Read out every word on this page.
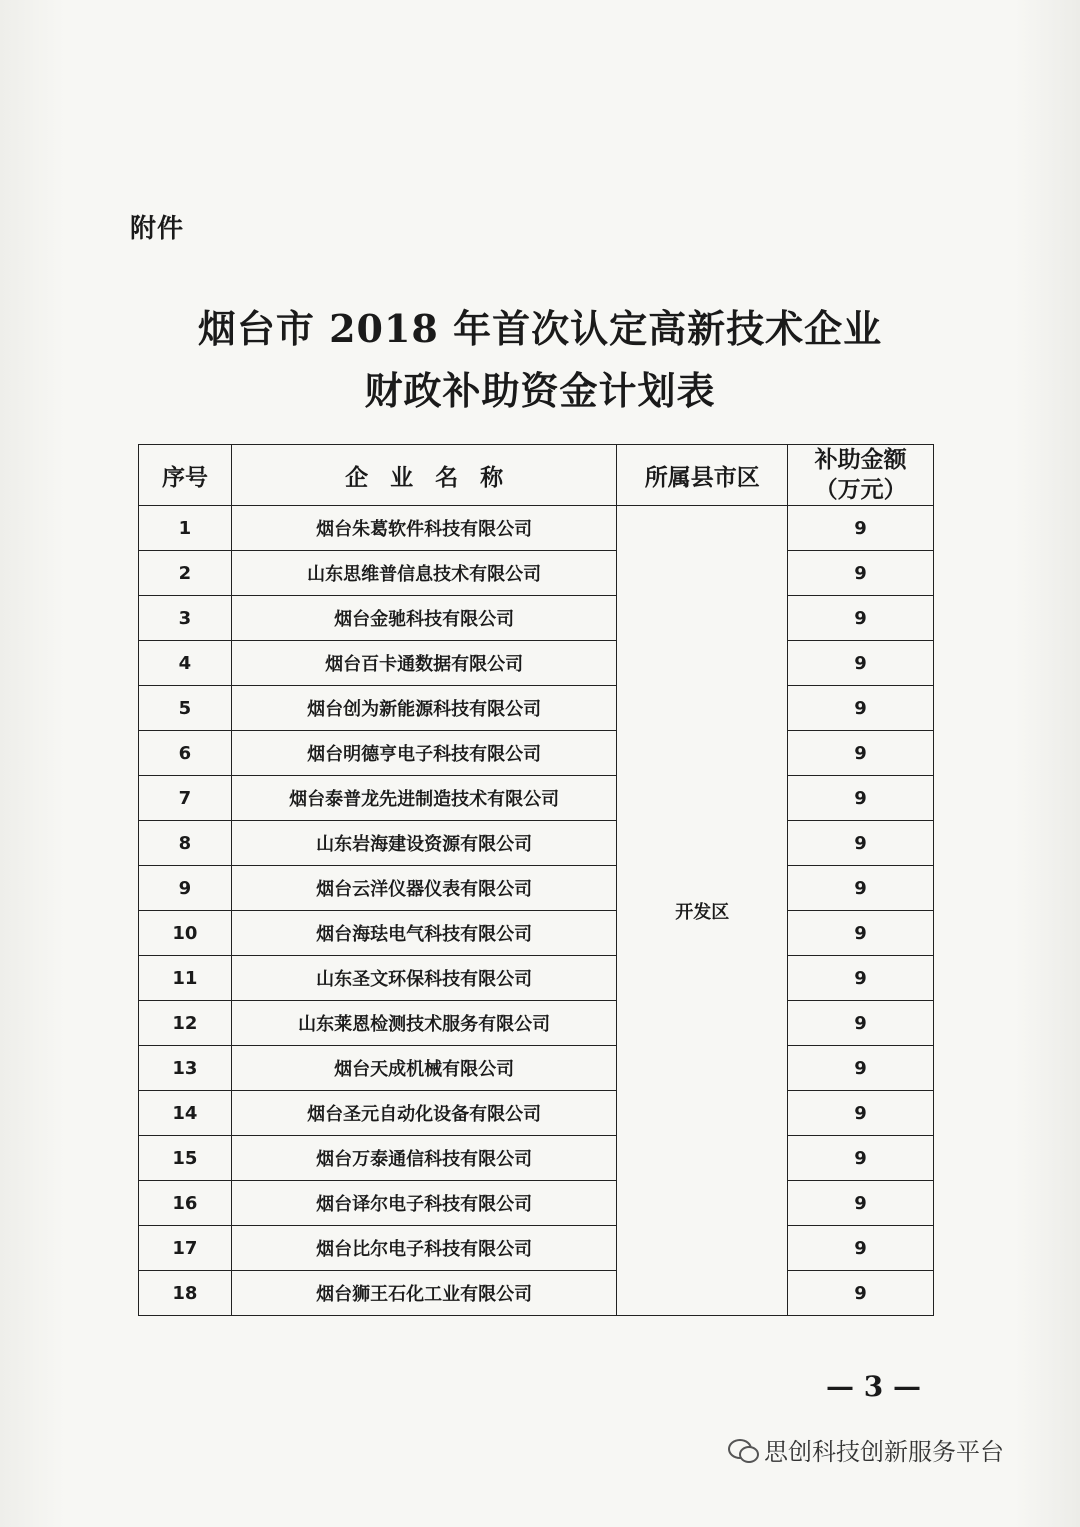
附件
烟台市 2018 年首次认定高新技术企业
财政补助资金计划表
序号	企业名称	所属县市区	补助金额
（万元）

1	烟台朱葛软件科技有限公司	开发区	9
2	山东思维普信息技术有限公司		9
3	烟台金驰科技有限公司		9
4	烟台百卡通数据有限公司		9
5	烟台创为新能源科技有限公司		9
6	烟台明德亨电子科技有限公司		9
7	烟台泰普龙先进制造技术有限公司		9
8	山东岩海建设资源有限公司		9
9	烟台云洋仪器仪表有限公司		9
10	烟台海珐电气科技有限公司		9
11	山东圣文环保科技有限公司		9
12	山东莱恩检测技术服务有限公司		9
13	烟台天成机械有限公司		9
14	烟台圣元自动化设备有限公司		9
15	烟台万泰通信科技有限公司		9
16	烟台译尔电子科技有限公司		9
17	烟台比尔电子科技有限公司		9
18	烟台狮王石化工业有限公司		9
— 3 —
思创科技创新服务平台
